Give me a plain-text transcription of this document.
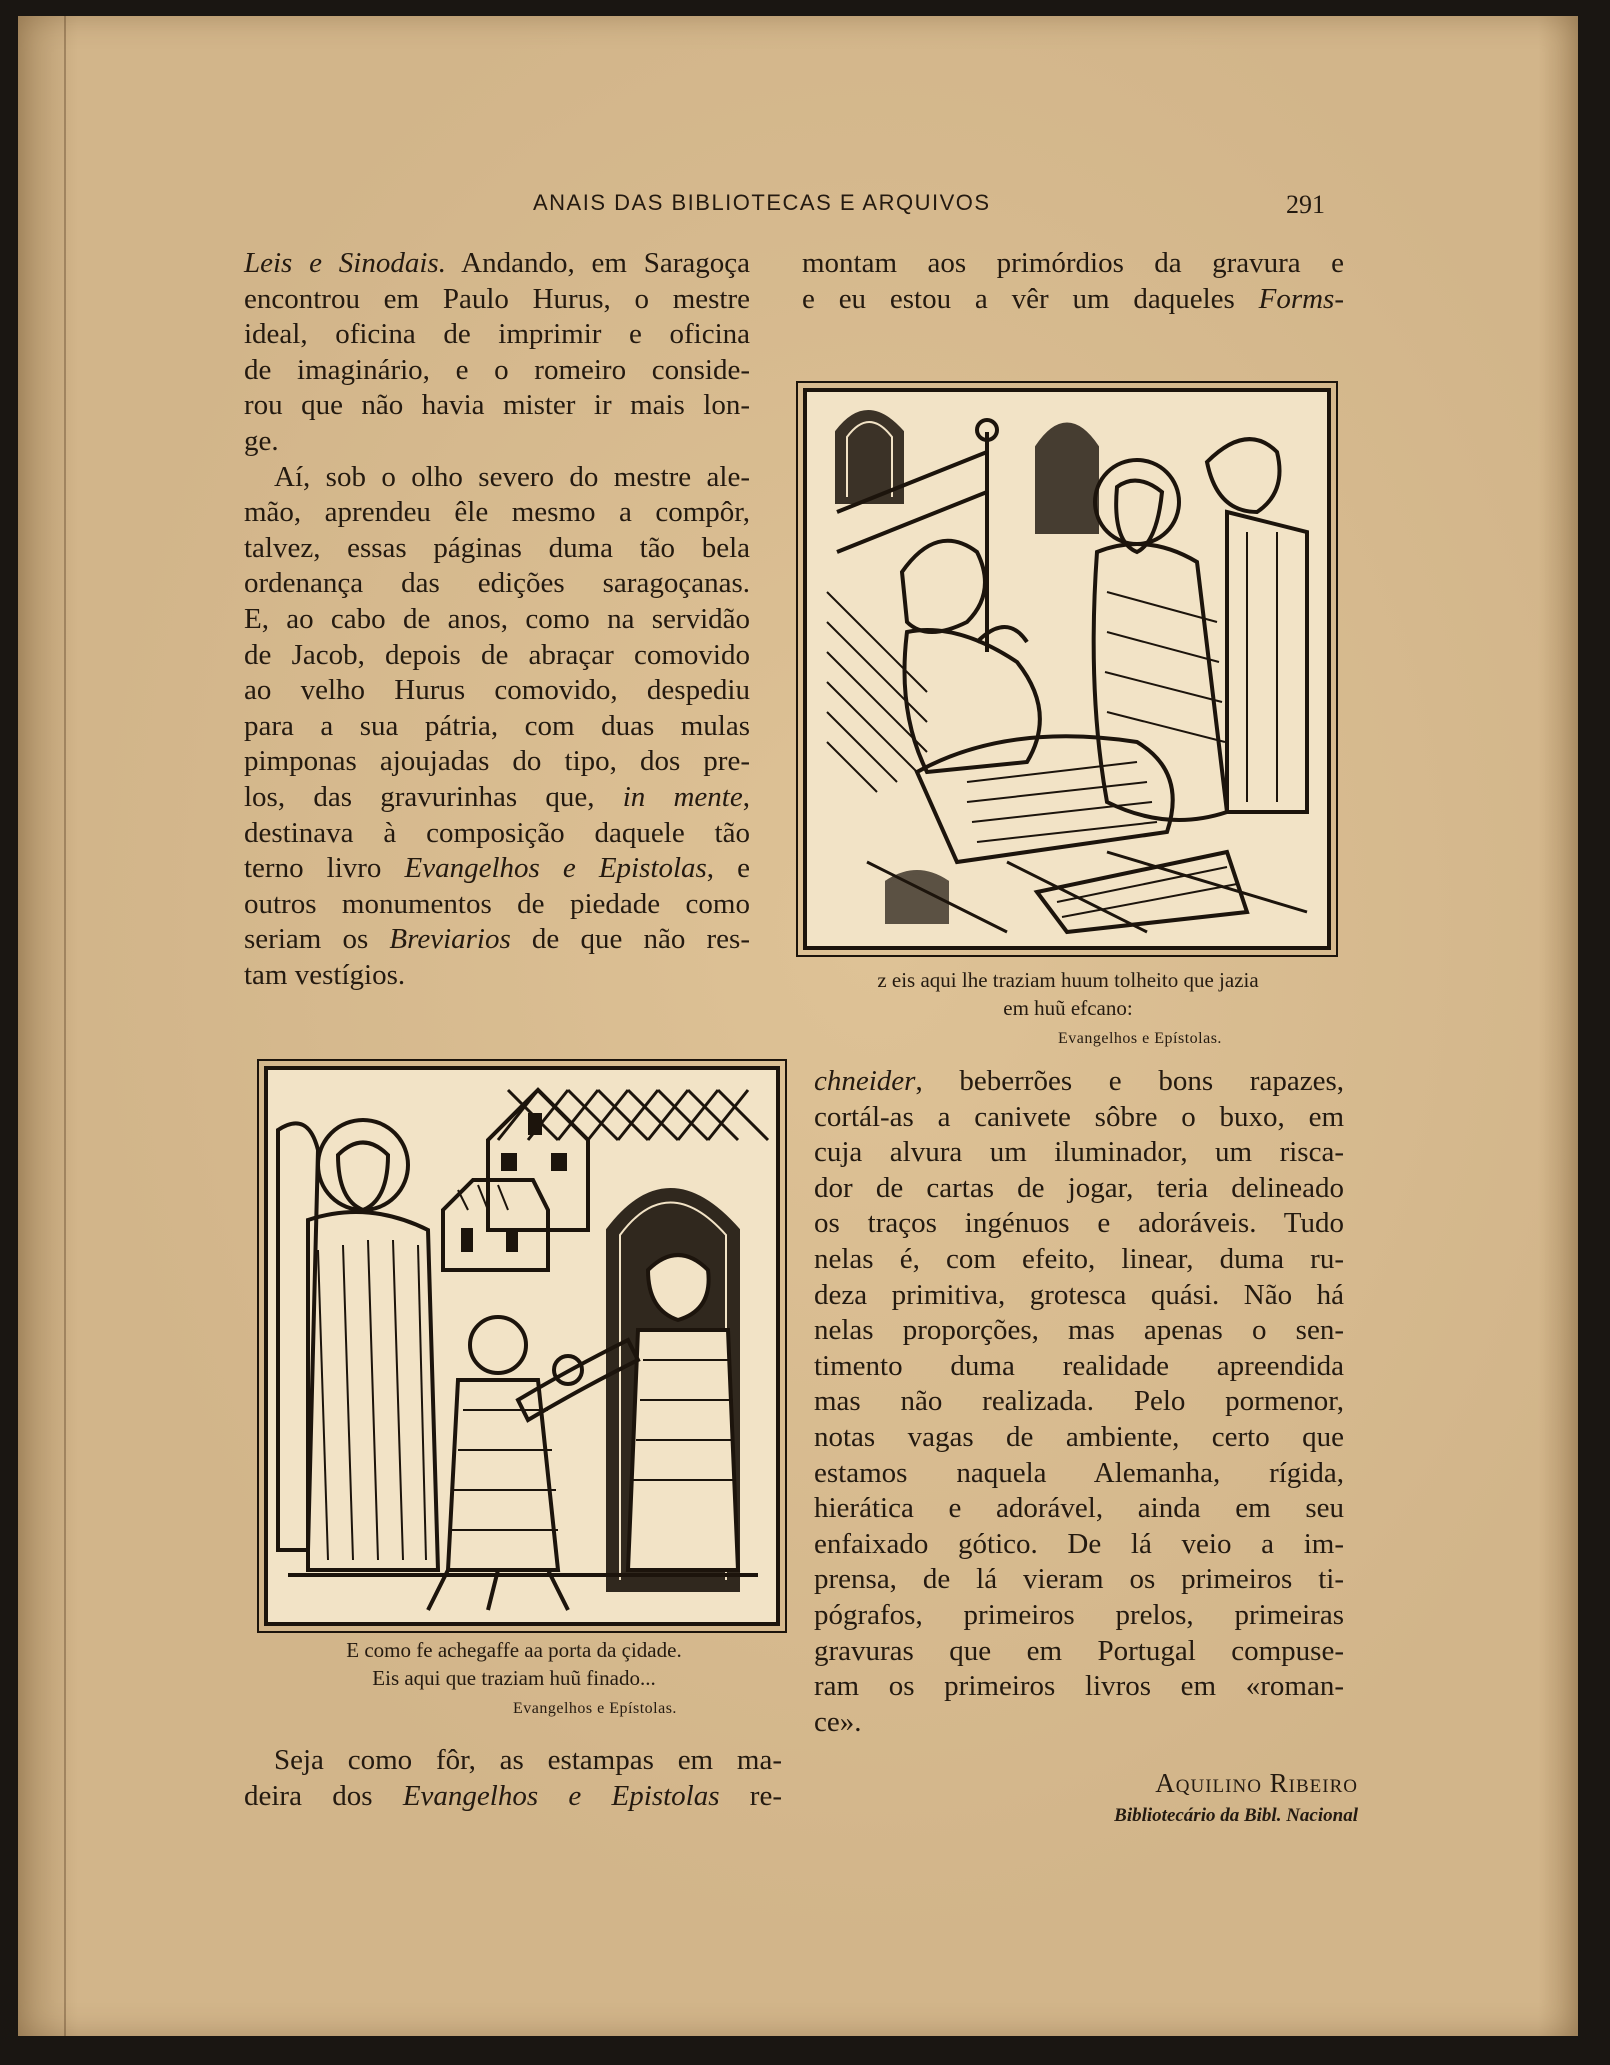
ANAIS DAS BIBLIOTECAS E ARQUIVOS	291
Leis e Sinodais. Andando, em Saragoça
encontrou em Paulo Hurus, o mestre
ideal, oficina de imprimir e oficina
de imaginário, e o romeiro conside-
rou que não havia mister ir mais lon-
ge.
Aí, sob o olho severo do mestre ale-
mão, aprendeu êle mesmo a compôr,
talvez, essas páginas duma tão bela
ordenança das edições saragoçanas.
E, ao cabo de anos, como na servidão
de Jacob, depois de abraçar comovido
ao velho Hurus comovido, despediu
para a sua pátria, com duas mulas
pimponas ajoujadas do tipo, dos pre-
los, das gravurinhas que, in mente,
destinava à composição daquele tão
terno livro Evangelhos e Epistolas, e
outros monumentos de piedade como
seriam os Breviarios de que não res-
tam vestígios.
montam aos primórdios da gravura e
e eu estou a vêr um daqueles Forms-
z eis aqui lhe traziam huum tolheito que jazia
em huũ efcano:
Evangelhos e Epístolas.
E como fe achegaffe aa porta da çidade.
Eis aqui que traziam huũ finado...
Evangelhos e Epístolas.
chneider, beberrões e bons rapazes,
cortál-as a canivete sôbre o buxo, em
cuja alvura um iluminador, um risca-
dor de cartas de jogar, teria delineado
os traços ingénuos e adoráveis. Tudo
nelas é, com efeito, linear, duma ru-
deza primitiva, grotesca quási. Não há
nelas proporções, mas apenas o sen-
timento duma realidade apreendida
mas não realizada. Pelo pormenor,
notas vagas de ambiente, certo que
estamos naquela Alemanha, rígida,
hierática e adorável, ainda em seu
enfaixado gótico. De lá veio a im-
prensa, de lá vieram os primeiros ti-
pógrafos, primeiros prelos, primeiras
gravuras que em Portugal compuse-
ram os primeiros livros em «roman-
ce».
Seja como fôr, as estampas em ma-
deira dos Evangelhos e Epistolas re-	Aquilino Ribeiro
Bibliotecário da Bibl. Nacional
